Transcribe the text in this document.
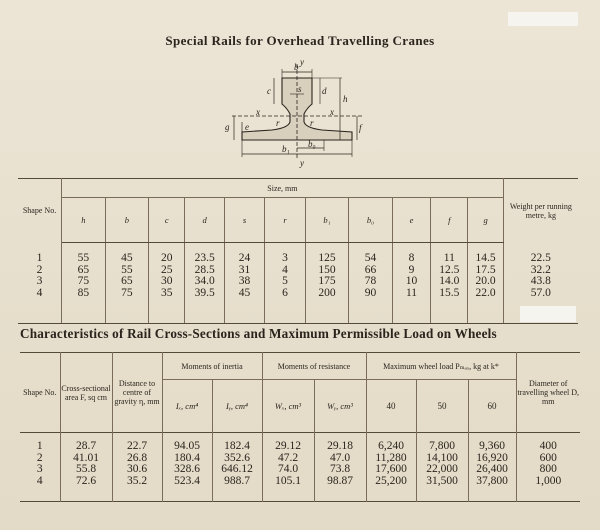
Special Rails for Overhead Travelling Cranes
y
b
x	x
c	s d
h
r	r
e	f
b₀
b₁
y
g
Shape No.	Size, mm											Weight per running metre, kg
	h	b	c	d	s	r	b₁	b₀	e	f	g	

1	55	45	20	23.5	24	3	125	54	8	11	14.5	22.5
2	65	55	25	28.5	31	4	150	66	9	12.5	17.5	32.2
3	75	65	30	34.0	38	5	175	78	10	14.0	20.0	43.8
4	85	75	35	39.5	45	6	200	90	11	15.5	22.0	57.0

Characteristics of Rail Cross-Sections and Maximum Permissible Load on Wheels
Shape No.	Cross-sectional area F, sq cm	Distance to centre of gravity η, mm	Moments of inertia		Moments of resistance		Maximum wheel load Pₘₐₓ, kg at k*			Diameter of travelling wheel D, mm
			Iₓ, cm⁴	Iᵧ, cm⁴	Wₓ, cm³	Wᵧ, cm³	40	50	60	

1	28.7	22.7	94.05	182.4	29.12	29.18	6,240	7,800	9,360	400
2	41.01	26.8	180.4	352.6	47.2	47.0	11,280	14,100	16,920	600
3	55.8	30.6	328.6	646.12	74.0	73.8	17,600	22,000	26,400	800
4	72.6	35.2	523.4	988.7	105.1	98.87	25,200	31,500	37,800	1,000
